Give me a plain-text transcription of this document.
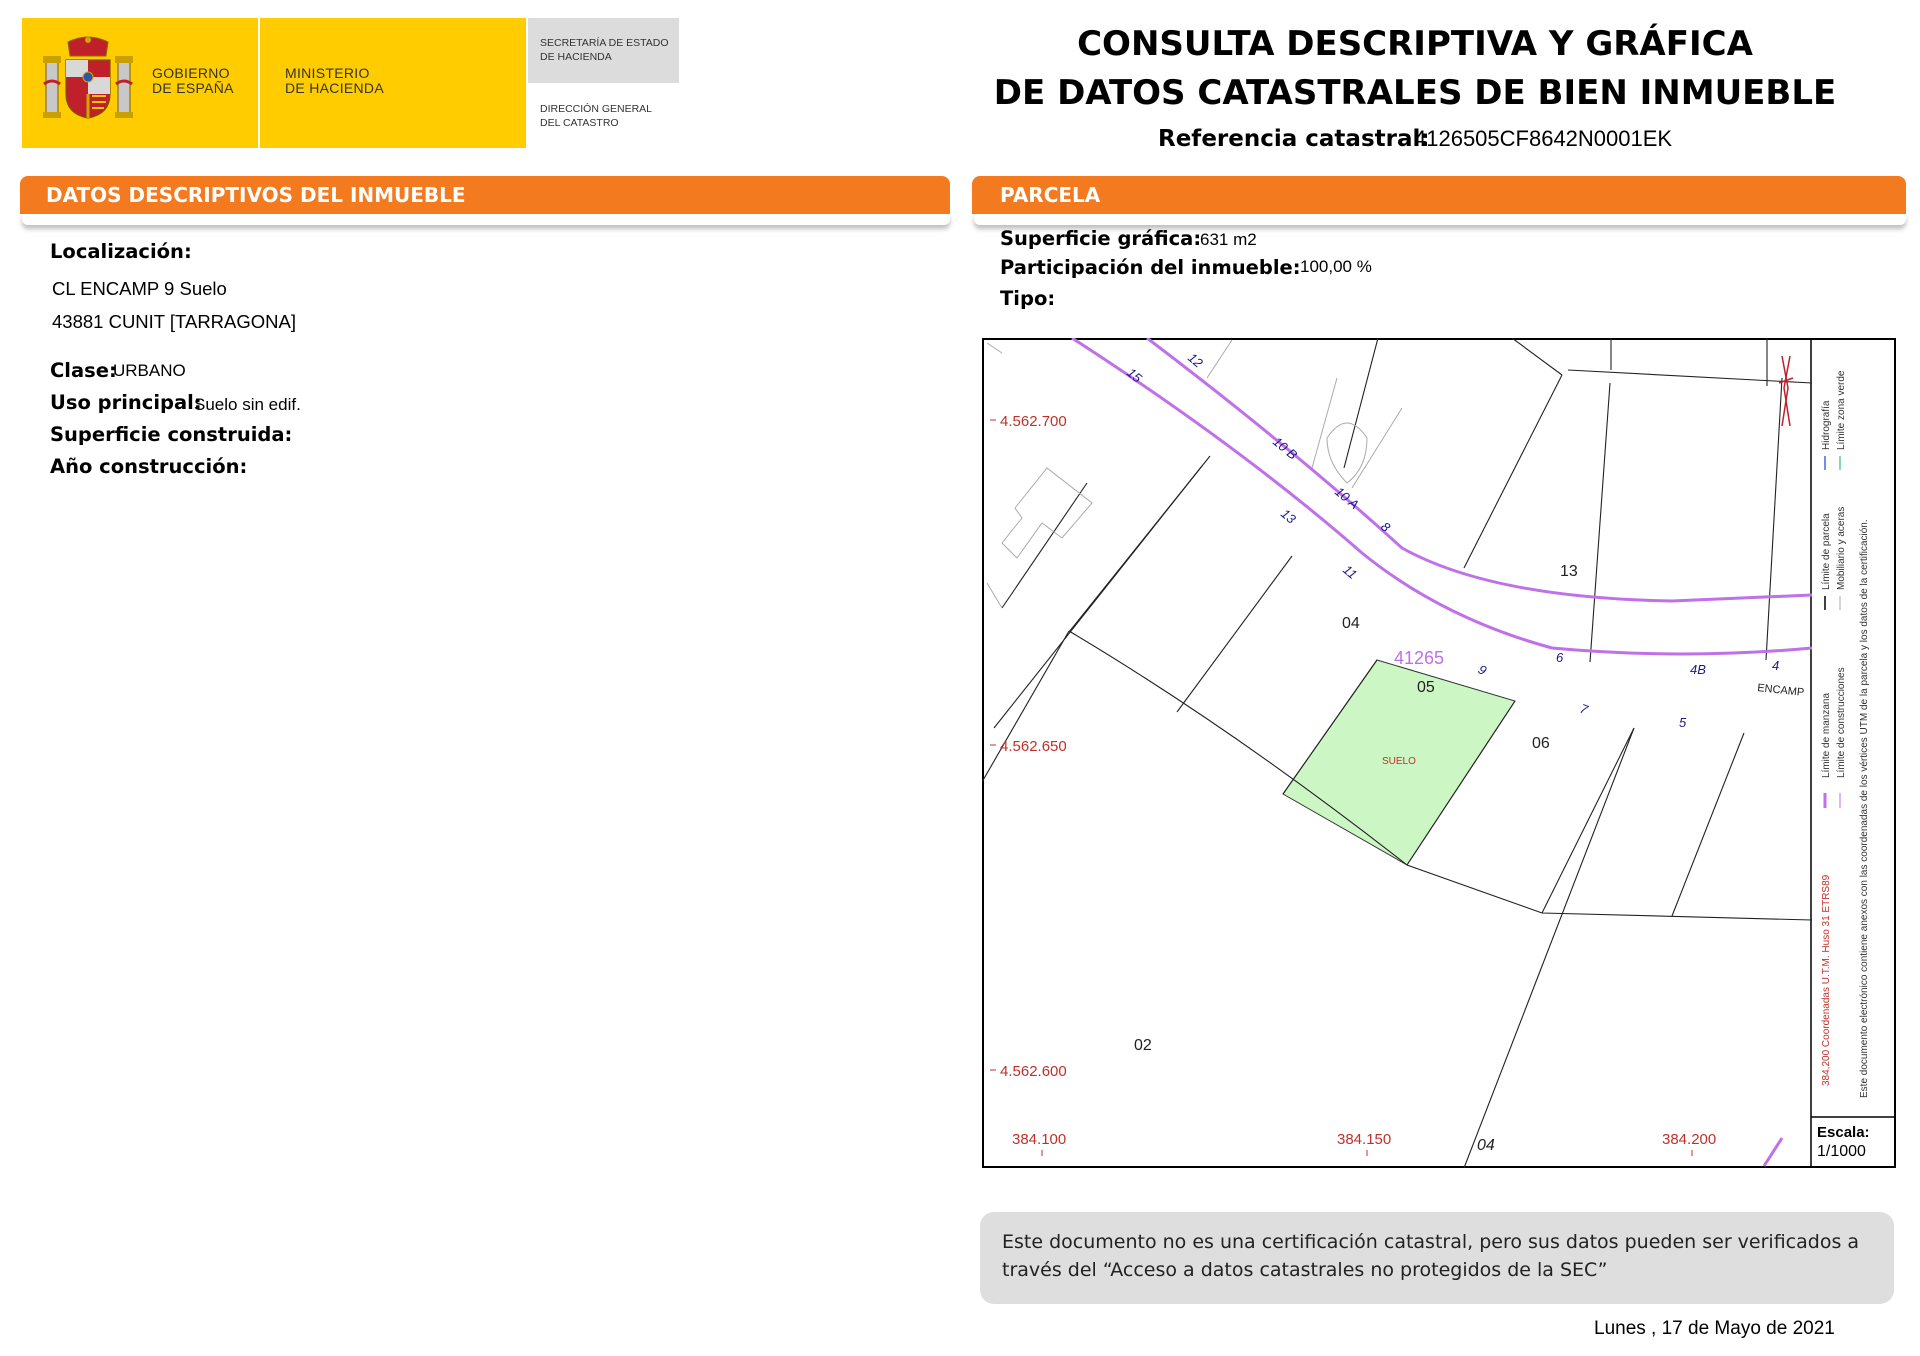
GOBIERNO
DE ESPAÑA
MINISTERIO
DE HACIENDA
SECRETARÍA DE ESTADO
DE HACIENDA
DIRECCIÓN GENERAL
DEL CATASTRO
CONSULTA DESCRIPTIVA Y GRÁFICA
DE DATOS CATASTRALES DE BIEN INMUEBLE
Referencia catastral:
4126505CF8642N0001EK
DATOS DESCRIPTIVOS DEL INMUEBLE
Localización:
CL ENCAMP 9 Suelo
43881 CUNIT [TARRAGONA]
Clase:
URBANO
Uso principal:
Suelo sin edif.
Superficie construida:
Año construcción:
PARCELA
Superficie gráfica:
631 m2
Participación del inmueble: 100,00 %
Tipo:
4.562.700
4.562.650
4.562.600
384.100	384.150	384.200
13
04
05
06
02
04
41265
SUELO
ENCAMP
15
12
10 B
10 A
8
13
11
9
6
4B	4
7
5
384,200 Coordenadas U.T.M. Huso 31 ETRS89
Límite de manzana
Límite de parcela
Hidrografía
Límite de construcciones
Mobiliario y aceras
Límite zona verde
Este documento electrónico contiene anexos con las coordenadas de los vértices UTM de la parcela y los datos de la certificación.
Escala:
1/1000
Este documento no es una certificación catastral, pero sus datos pueden ser verificados a través del “Acceso a datos catastrales no protegidos de la SEC”
Lunes , 17 de Mayo de 2021
